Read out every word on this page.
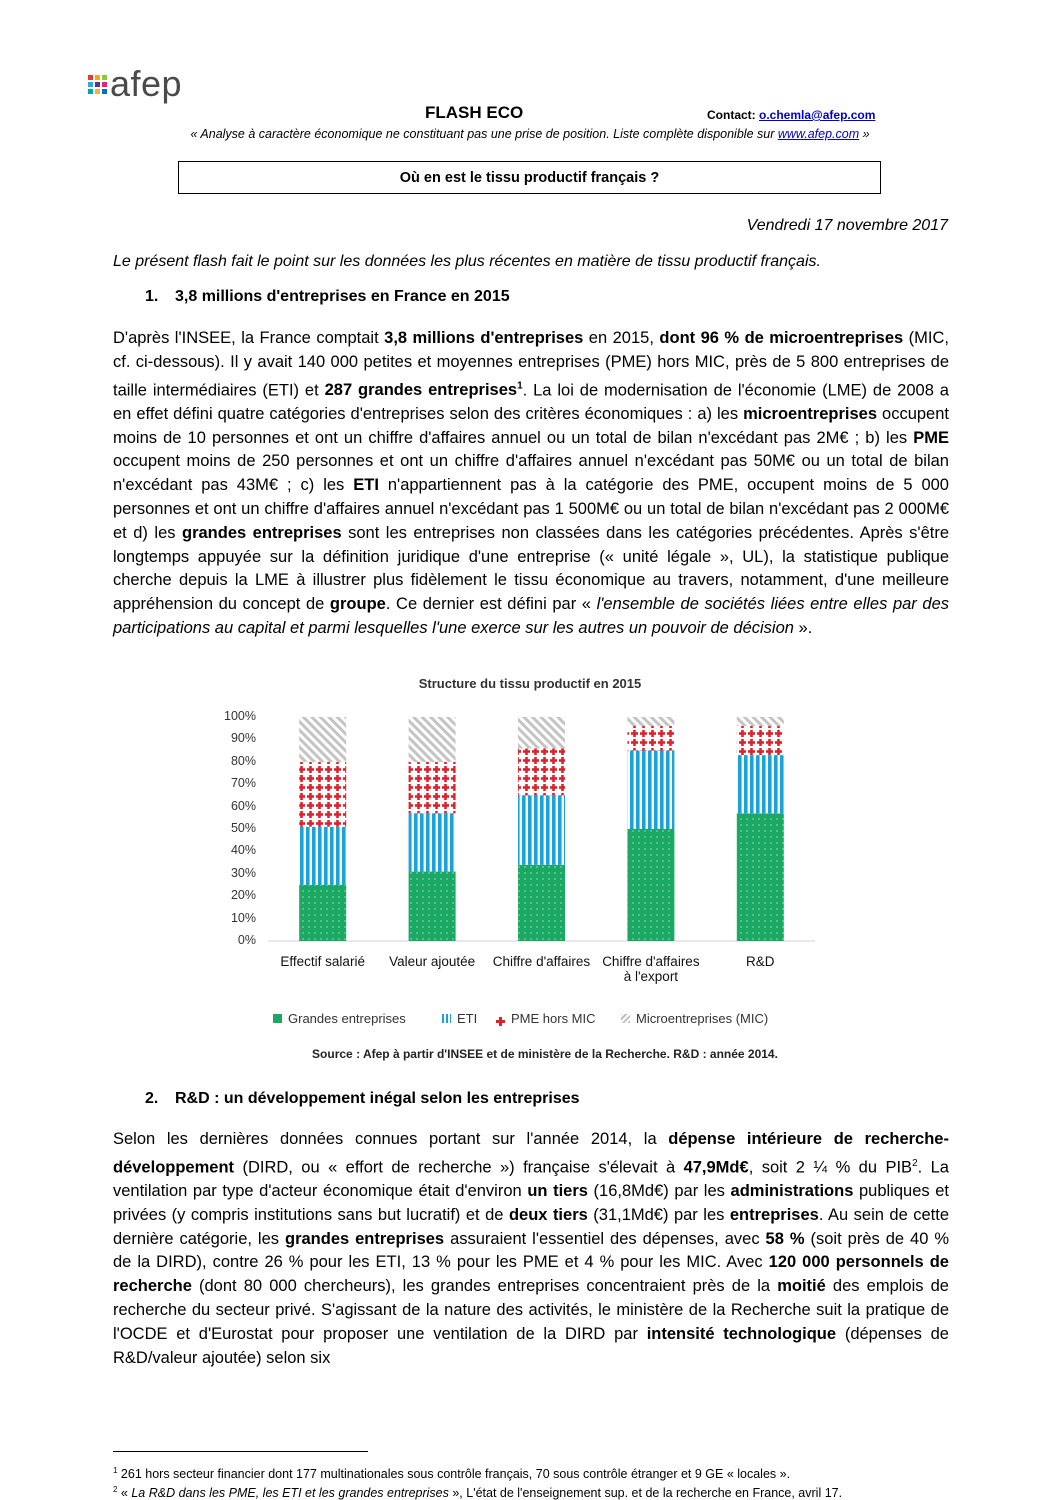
afep
FLASH ECO	Contact: o.chemla@afep.com
« Analyse à caractère économique ne constituant pas une prise de position. Liste complète disponible sur www.afep.com »
Où en est le tissu productif français ?
Vendredi 17 novembre 2017
Le présent flash fait le point sur les données les plus récentes en matière de tissu productif français.
1. 3,8 millions d'entreprises en France en 2015
D'après l'INSEE, la France comptait 3,8 millions d'entreprises en 2015, dont 96 % de microentreprises (MIC, cf. ci-dessous). Il y avait 140 000 petites et moyennes entreprises (PME) hors MIC, près de 5 800 entreprises de taille intermédiaires (ETI) et 287 grandes entreprises$^1$. La loi de modernisation de l'économie (LME) de 2008 a en effet défini quatre catégories d'entreprises selon des critères économiques : a) les microentreprises occupent moins de 10 personnes et ont un chiffre d'affaires annuel ou un total de bilan n'excédant pas 2M€ ; b) les PME occupent moins de 250 personnes et ont un chiffre d'affaires annuel n'excédant pas 50M€ ou un total de bilan n'excédant pas 43M€ ; c) les ETI n'appartiennent pas à la catégorie des PME, occupent moins de 5 000 personnes et ont un chiffre d'affaires annuel n'excédant pas 1 500M€ ou un total de bilan n'excédant pas 2 000M€ et d) les grandes entreprises sont les entreprises non classées dans les catégories précédentes. Après s'être longtemps appuyée sur la définition juridique d'une entreprise (« unité légale », UL), la statistique publique cherche depuis la LME à illustrer plus fidèlement le tissu économique au travers, notamment, d'une meilleure appréhension du concept de groupe. Ce dernier est défini par « l'ensemble de sociétés liées entre elles par des participations au capital et parmi lesquelles l'une exerce sur les autres un pouvoir de décision ».
Structure du tissu productif en 2015
0%
10%
20%
30%
40%
50%
60%
70%
80%
90%
100%
Effectif salarié	Valeur ajoutée	Chiffre d'affaires Chiffre d'affaires
à l'export
R&D
Grandes entreprises	ETI	PME hors MIC	Microentreprises (MIC)
Source : Afep à partir d'INSEE et de ministère de la Recherche. R&D : année 2014.
2. R&D : un développement inégal selon les entreprises
Selon les dernières données connues portant sur l'année 2014, la dépense intérieure de recherche-développement (DIRD, ou « effort de recherche ») française s'élevait à 47,9Md€, soit 2 ¼ % du PIB$^2$. La ventilation par type d'acteur économique était d'environ un tiers (16,8Md€) par les administrations publiques et privées (y compris institutions sans but lucratif) et de deux tiers (31,1Md€) par les entreprises. Au sein de cette dernière catégorie, les grandes entreprises assuraient l'essentiel des dépenses, avec 58 % (soit près de 40 % de la DIRD), contre 26 % pour les ETI, 13 % pour les PME et 4 % pour les MIC. Avec 120 000 personnels de recherche (dont 80 000 chercheurs), les grandes entreprises concentraient près de la moitié des emplois de recherche du secteur privé. S'agissant de la nature des activités, le ministère de la Recherche suit la pratique de l'OCDE et d'Eurostat pour proposer une ventilation de la DIRD par intensité technologique (dépenses de R&D/valeur ajoutée) selon six
$^1$ 261 hors secteur financier dont 177 multinationales sous contrôle français, 70 sous contrôle étranger et 9 GE « locales ».
$^2$ « La R&D dans les PME, les ETI et les grandes entreprises », L'état de l'enseignement sup. et de la recherche en France, avril 17.
